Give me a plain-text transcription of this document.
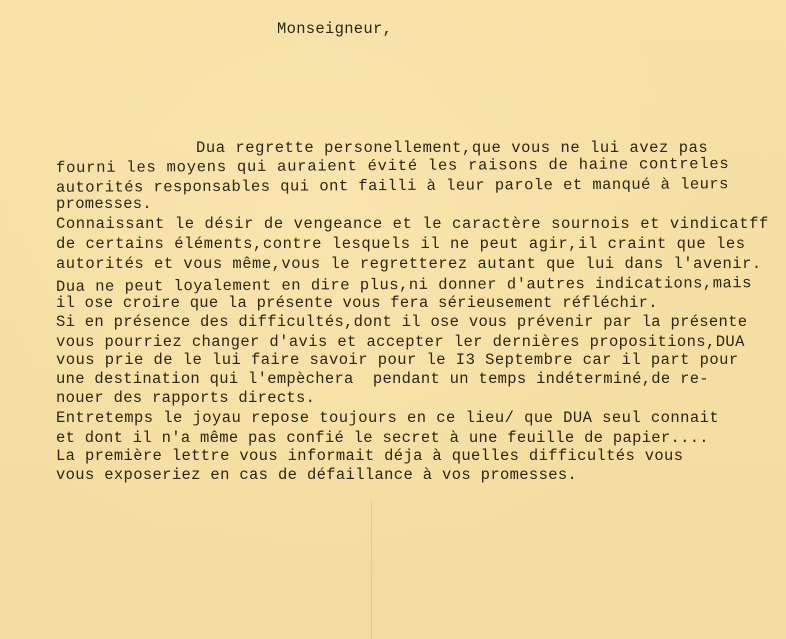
Monseigneur,

Dua regrette personellement,que vous ne lui avez pas

fourni les moyens qui auraient évité les raisons de haine contreles

autorités responsables qui ont failli à leur parole et manqué à leurs

promesses.

Connaissant le désir de vengeance et le caractère sournois et vindicatff

de certains éléments,contre lesquels il ne peut agir,il craint que les

autorités et vous même,vous le regretterez autant que lui dans l'avenir.

Dua ne peut loyalement en dire plus,ni donner d'autres indications,mais

il ose croire que la présente vous fera sérieusement réfléchir.

Si en présence des difficultés,dont il ose vous prévenir par la présente

vous pourriez changer d'avis et accepter ler dernières propositions,DUA

vous prie de le lui faire savoir pour le I3 Septembre car il part pour

une destination qui l'empèchera  pendant un temps indéterminé,de re-

nouer des rapports directs.

Entretemps le joyau repose toujours en ce lieu/ que DUA seul connait

et dont il n'a même pas confié le secret à une feuille de papier....

La première lettre vous informait déja à quelles difficultés vous

vous exposeriez en cas de défaillance à vos promesses.
